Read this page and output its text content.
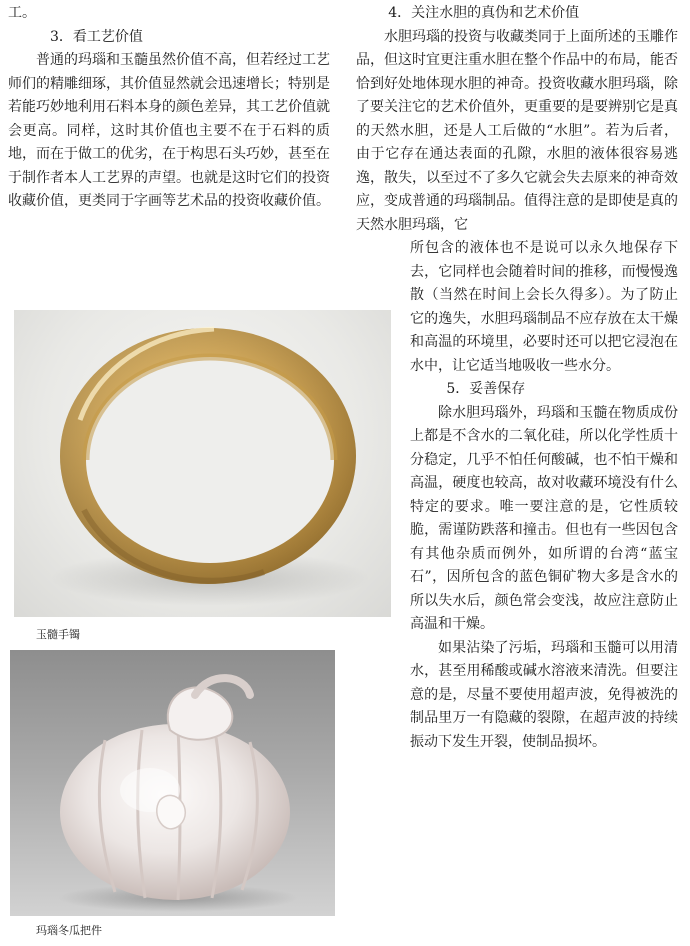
工。

3．看工艺价值

普通的玛瑙和玉髓虽然价值不高，但若经过工艺师们的精雕细琢，其价值显然就会迅速增长；特别是若能巧妙地利用石料本身的颜色差异，其工艺价值就会更高。同样，这时其价值也主要不在于石料的质地，而在于做工的优劣，在于构思石头巧妙，甚至在于制作者本人工艺界的声望。也就是这时它们的投资收藏价值，更类同于字画等艺术品的投资收藏价值。

4．关注水胆的真伪和艺术价值

水胆玛瑙的投资与收藏类同于上面所述的玉雕作品，但这时宜更注重水胆在整个作品中的布局，能否恰到好处地体现水胆的神奇。投资收藏水胆玛瑙，除了要关注它的艺术价值外，更重要的是要辨别它是真的天然水胆，还是人工后做的“水胆”。若为后者，由于它存在通达表面的孔隙，水胆的液体很容易逃逸，散失，以至过不了多久它就会失去原来的神奇效应，变成普通的玛瑙制品。值得注意的是即使是真的天然水胆玛瑙，它

所包含的液体也不是说可以永久地保存下去，它同样也会随着时间的推移，而慢慢逸散（当然在时间上会长久得多）。为了防止它的逸失，水胆玛瑙制品不应存放在太干燥和高温的环境里，必要时还可以把它浸泡在水中，让它适当地吸收一些水分。

5．妥善保存

除水胆玛瑙外，玛瑙和玉髓在物质成份上都是不含水的二氧化硅，所以化学性质十分稳定，几乎不怕任何酸碱，也不怕干燥和高温，硬度也较高，故对收藏环境没有什么特定的要求。唯一要注意的是，它性质较脆，需谨防跌落和撞击。但也有一些因包含有其他杂质而例外，如所谓的台湾“蓝宝石”，因所包含的蓝色铜矿物大多是含水的所以失水后，颜色常会变浅，故应注意防止高温和干燥。

如果沾染了污垢，玛瑙和玉髓可以用清水，甚至用稀酸或碱水溶液来清洗。但要注意的是，尽量不要使用超声波，免得被洗的制品里万一有隐藏的裂隙，在超声波的持续振动下发生开裂，使制品损坏。

玉髓手镯
玛瑙冬瓜把件
